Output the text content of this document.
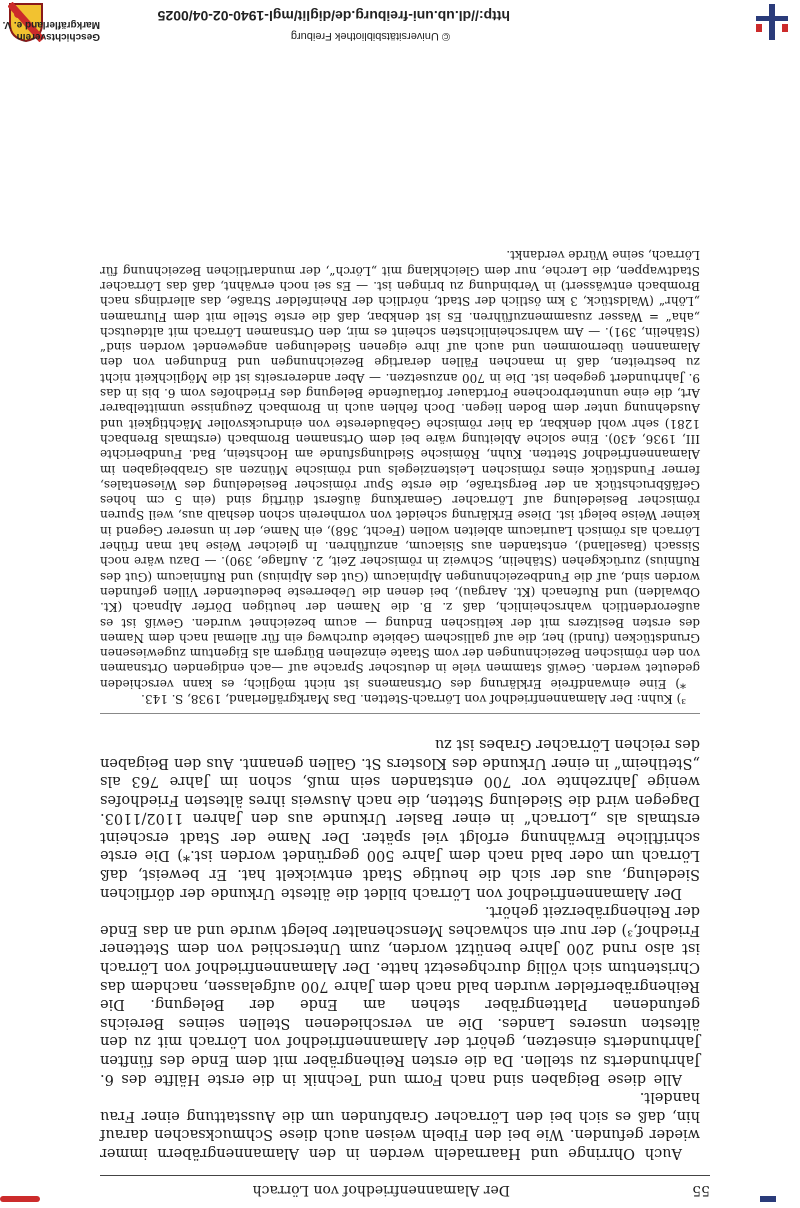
Geschichtsverein
Markgräflerland e. V.
© Universitätsbibliothek Freiburg
http://dl.ub.uni-freiburg.de/diglit/mgl-1940-02-04/0025
55
Der Alamannenfriedhof von Lörrach

Auch Ohrringe und Haarnadeln werden in den Alamannengräbern immer wieder gefunden. Wie bei den Fibeln weisen auch diese Schmucksachen darauf hin, daß es sich bei den Lörracher Grabfunden um die Ausstattung einer Frau handelt.

Alle diese Beigaben sind nach Form und Technik in die erste Hälfte des 6. Jahrhunderts zu stellen. Da die ersten Reihengräber mit dem Ende des fünften Jahrhunderts einsetzen, gehört der Alamannenfriedhof von Lörrach mit zu den ältesten unseres Landes. Die an verschiedenen Stellen seines Bereichs gefundenen Plattengräber stehen am Ende der Belegung. Die Reihengräberfelder wurden bald nach dem Jahre 700 aufgelassen, nachdem das Christentum sich völlig durchgesetzt hatte. Der Alamannenfriedhof von Lörrach ist also rund 200 Jahre benützt worden, zum Unterschied von dem Stettener Friedhof,³) der nur ein schwaches Menschenalter belegt wurde und an das Ende der Reihengräberzeit gehört.

Der Alamannenfriedhof von Lörrach bildet die älteste Urkunde der dörflichen Siedelung, aus der sich die heutige Stadt entwickelt hat. Er beweist, daß Lörrach um oder bald nach dem Jahre 500 gegründet worden ist.*) Die erste schriftliche Erwähnung erfolgt viel später. Der Name der Stadt erscheint erstmals als „Lorrach“ in einer Basler Urkunde aus den Jahren 1102/1103. Dagegen wird die Siedelung Stetten, die nach Ausweis ihres ältesten Friedhofes wenige Jahrzehnte vor 700 entstanden sein muß, schon im Jahre 763 als „Stetiheim“ in einer Urkunde des Klosters St. Gallen genannt. Aus den Beigaben des reichen Lörracher Grabes ist zu

³) Kuhn: Der Alamannenfriedhof von Lörrach-Stetten. Das Markgräflerland, 1938, S. 143.

*) Eine einwandfreie Erklärung des Ortsnamens ist nicht möglich; es kann verschieden gedeutet werden. Gewiß stammen viele in deutscher Sprache auf —ach endigenden Ortsnamen von den römischen Bezeichnungen der vom Staate einzelnen Bürgern als Eigentum zugewiesenen Grundstücken (fundi) her, die auf gallischem Gebiete durchweg ein für allemal nach dem Namen des ersten Besitzers mit der keltischen Endung — acum bezeichnet wurden. Gewiß ist es außerordentlich wahrscheinlich, daß z. B. die Namen der heutigen Dörfer Alpnach (Kt. Obwalden) und Rufenach (Kt. Aargau), bei denen die Ueberreste bedeutender Villen gefunden worden sind, auf die Fundbezeichnungen Alpiniacum (Gut des Alpinius) und Rufiniacum (Gut des Rufinius) zurückgehen (Stähelin, Schweiz in römischer Zeit, 2. Auflage, 390). — Dazu wäre noch Sissach (Baselland), entstanden aus Sisiacum, anzuführen. In gleicher Weise hat man früher Lörrach als römisch Lauriacum ableiten wollen (Fecht, 368), ein Name, der in unserer Gegend in keiner Weise belegt ist. Diese Erklärung scheidet von vornherein schon deshalb aus, weil Spuren römischer Besiedelung auf Lörracher Gemarkung äußerst dürftig sind (ein 5 cm hohes Gefäßbruchstück an der Bergstraße, die erste Spur römischer Besiedelung des Wiesentales, ferner Fundstück eines römischen Leistenziegels und römische Münzen als Grabbeigaben im Alamannenfriedhof Stetten. Kuhn, Römische Siedlungsfunde am Hochstein, Bad. Fundberichte III, 1936, 430). Eine solche Ableitung wäre bei dem Ortsnamen Brombach (erstmals Brenbach 1281) sehr wohl denkbar, da hier römische Gebäudereste von eindrucksvoller Mächtigkeit und Ausdehnung unter dem Boden liegen. Doch fehlen auch in Brombach Zeugnisse unmittelbarer Art, die eine ununterbrochene Fortdauer fortlaufende Belegung des Friedhofes vom 6. bis in das 9. Jahrhundert gegeben ist. Die in 700 anzusetzen. — Aber andererseits ist die Möglichkeit nicht zu bestreiten, daß in manchen Fällen derartige Bezeichnungen und Endungen von den Alamannen übernommen und auch auf ihre eigenen Siedelungen angewendet worden sind“ (Stähelin, 391). — Am wahrscheinlichsten scheint es mir, den Ortsnamen Lörrach mit altdeutsch „aha“ = Wasser zusammenzuführen. Es ist denkbar, daß die erste Stelle mit dem Flurnamen „Löhr“ (Waldstück, 3 km östlich der Stadt, nördlich der Rheinfelder Straße, das allerdings nach Brombach entwässert) in Verbindung zu bringen ist. — Es sei noch erwähnt, daß das Lörracher Stadtwappen, die Lerche, nur dem Gleichklang mit „Lörch“, der mundartlichen Bezeichnung für Lörrach, seine Würde verdankt.
